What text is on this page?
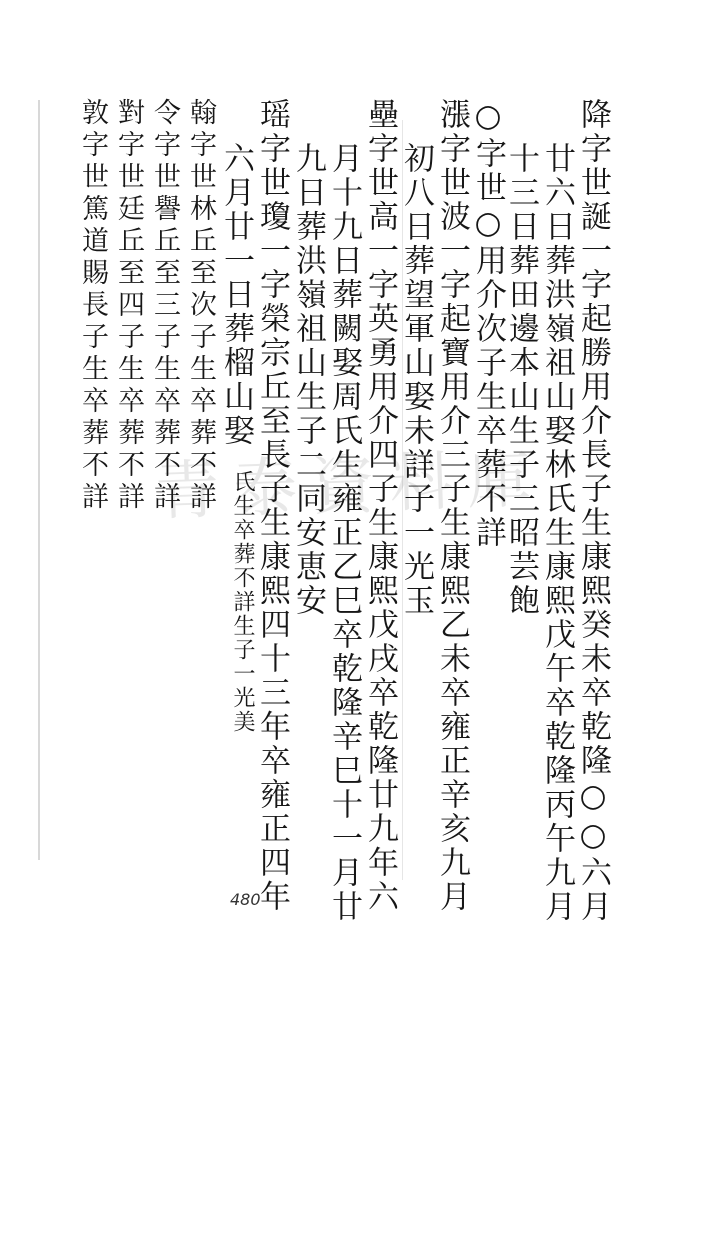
青泰資料庫 降字世誕一字起勝用介長子生康熙癸未卒乾隆○○六月
廿六日葬洪嶺祖山娶林氏生康熙戊午卒乾隆丙午九月
十三日葬田邊本山生子三昭芸飽
○字世○用介次子生卒葬不詳
漲字世波一字起寶用介三子生康熙乙未卒雍正辛亥九月
初八日葬望軍山娶未詳子一光玉
壘字世高一字英勇用介四子生康熙戊戌卒乾隆廿九年六
月十九日葬闕娶周氏生雍正乙巳卒乾隆辛巳十一月廿
九日葬洪嶺祖山生子二同安恵安
瑶字世瓊一字榮宗丘至長子生康熙四十三年卒雍正四年
六月廿一日葬榴山娶
氏生卒葬不詳生子一光美
翰字世林丘至次子生卒葬不詳
令字世譽丘至三子生卒葬不詳
對字世廷丘至四子生卒葬不詳
敦字世篤道賜長子生卒葬不詳
480
